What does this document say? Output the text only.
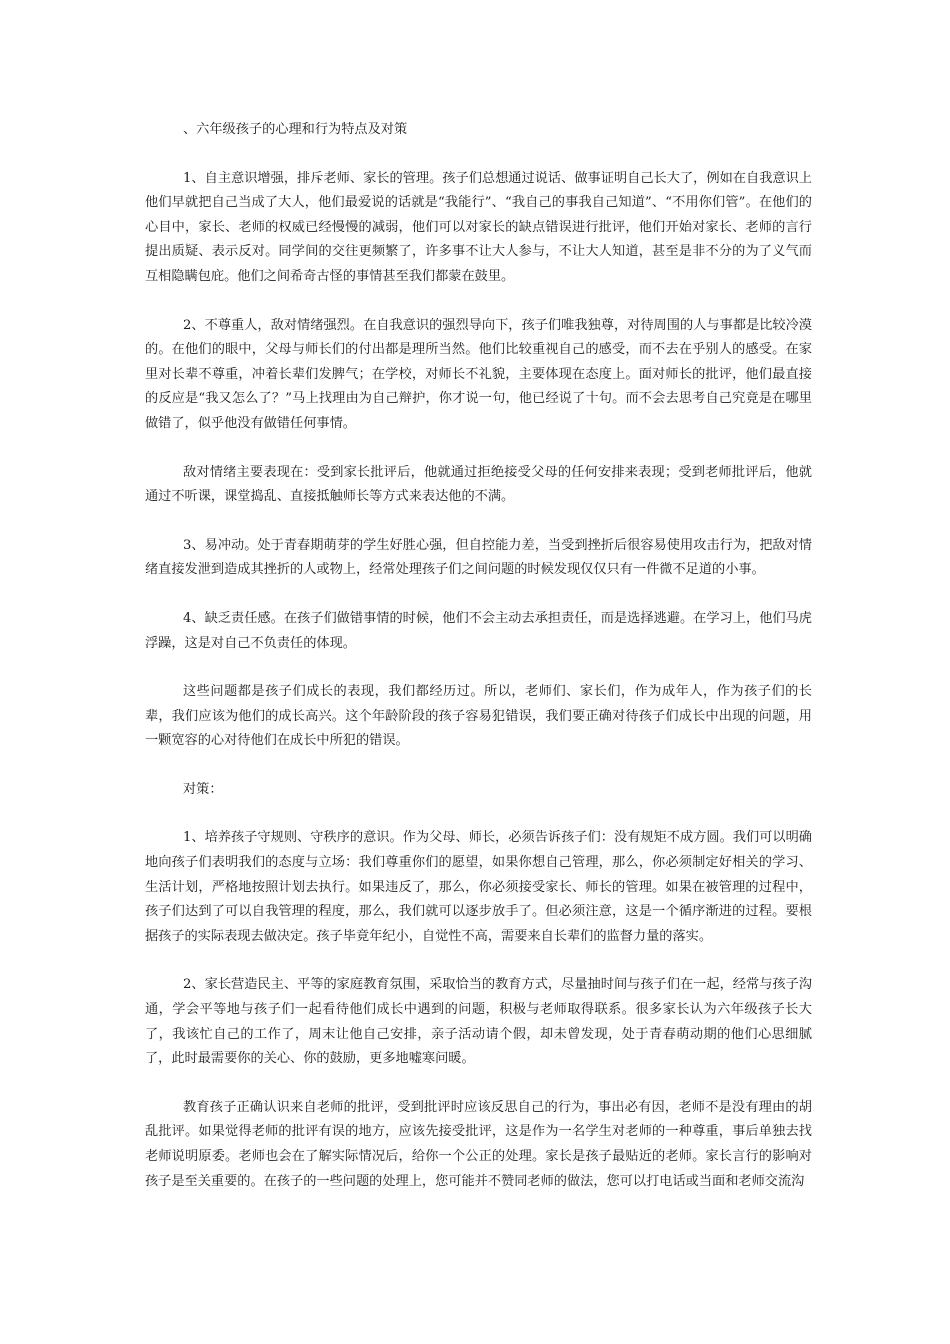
、六年级孩子的心理和行为特点及对策

1、自主意识增强，排斥老师、家长的管理。孩子们总想通过说话、做事证明自己长大了，例如在自我意识上他们早就把自己当成了大人，他们最爱说的话就是“我能行”、“我自己的事我自己知道”、“不用你们管”。在他们的心目中，家长、老师的权威已经慢慢的减弱，他们可以对家长的缺点错误进行批评，他们开始对家长、老师的言行提出质疑、表示反对。同学间的交往更频繁了，许多事不让大人参与，不让大人知道，甚至是非不分的为了义气而互相隐瞒包庇。他们之间希奇古怪的事情甚至我们都蒙在鼓里。

2、不尊重人，敌对情绪强烈。在自我意识的强烈导向下，孩子们唯我独尊，对待周围的人与事都是比较冷漠的。在他们的眼中，父母与师长们的付出都是理所当然。他们比较重视自己的感受，而不去在乎别人的感受。在家里对长辈不尊重，冲着长辈们发脾气；在学校，对师长不礼貌，主要体现在态度上。面对师长的批评，他们最直接的反应是“我又怎么了？”马上找理由为自己辩护，你才说一句，他已经说了十句。而不会去思考自己究竟是在哪里做错了，似乎他没有做错任何事情。

敌对情绪主要表现在：受到家长批评后，他就通过拒绝接受父母的任何安排来表现；受到老师批评后，他就通过不听课，课堂捣乱、直接抵触师长等方式来表达他的不满。

3、易冲动。处于青春期萌芽的学生好胜心强，但自控能力差，当受到挫折后很容易使用攻击行为，把敌对情绪直接发泄到造成其挫折的人或物上，经常处理孩子们之间问题的时候发现仅仅只有一件微不足道的小事。

4、缺乏责任感。在孩子们做错事情的时候，他们不会主动去承担责任，而是选择逃避。在学习上，他们马虎浮躁，这是对自己不负责任的体现。

这些问题都是孩子们成长的表现，我们都经历过。所以，老师们、家长们，作为成年人，作为孩子们的长辈，我们应该为他们的成长高兴。这个年龄阶段的孩子容易犯错误，我们要正确对待孩子们成长中出现的问题，用一颗宽容的心对待他们在成长中所犯的错误。

对策：

1、培养孩子守规则、守秩序的意识。作为父母、师长，必须告诉孩子们：没有规矩不成方圆。我们可以明确地向孩子们表明我们的态度与立场：我们尊重你们的愿望，如果你想自己管理，那么，你必须制定好相关的学习、生活计划，严格地按照计划去执行。如果违反了，那么，你必须接受家长、师长的管理。如果在被管理的过程中，孩子们达到了可以自我管理的程度，那么，我们就可以逐步放手了。但必须注意，这是一个循序渐进的过程。要根据孩子的实际表现去做决定。孩子毕竟年纪小，自觉性不高，需要来自长辈们的监督力量的落实。

2、家长营造民主、平等的家庭教育氛围，采取恰当的教育方式，尽量抽时间与孩子们在一起，经常与孩子沟通，学会平等地与孩子们一起看待他们成长中遇到的问题，积极与老师取得联系。很多家长认为六年级孩子长大了，我该忙自己的工作了，周末让他自己安排，亲子活动请个假，却未曾发现，处于青春萌动期的他们心思细腻了，此时最需要你的关心、你的鼓励，更多地嘘寒问暖。

教育孩子正确认识来自老师的批评，受到批评时应该反思自己的行为，事出必有因，老师不是没有理由的胡乱批评。如果觉得老师的批评有误的地方，应该先接受批评，这是作为一名学生对老师的一种尊重，事后单独去找老师说明原委。老师也会在了解实际情况后，给你一个公正的处理。家长是孩子最贴近的老师。家长言行的影响对孩子是至关重要的。在孩子的一些问题的处理上，您可能并不赞同老师的做法，您可以打电话或当面和老师交流沟
